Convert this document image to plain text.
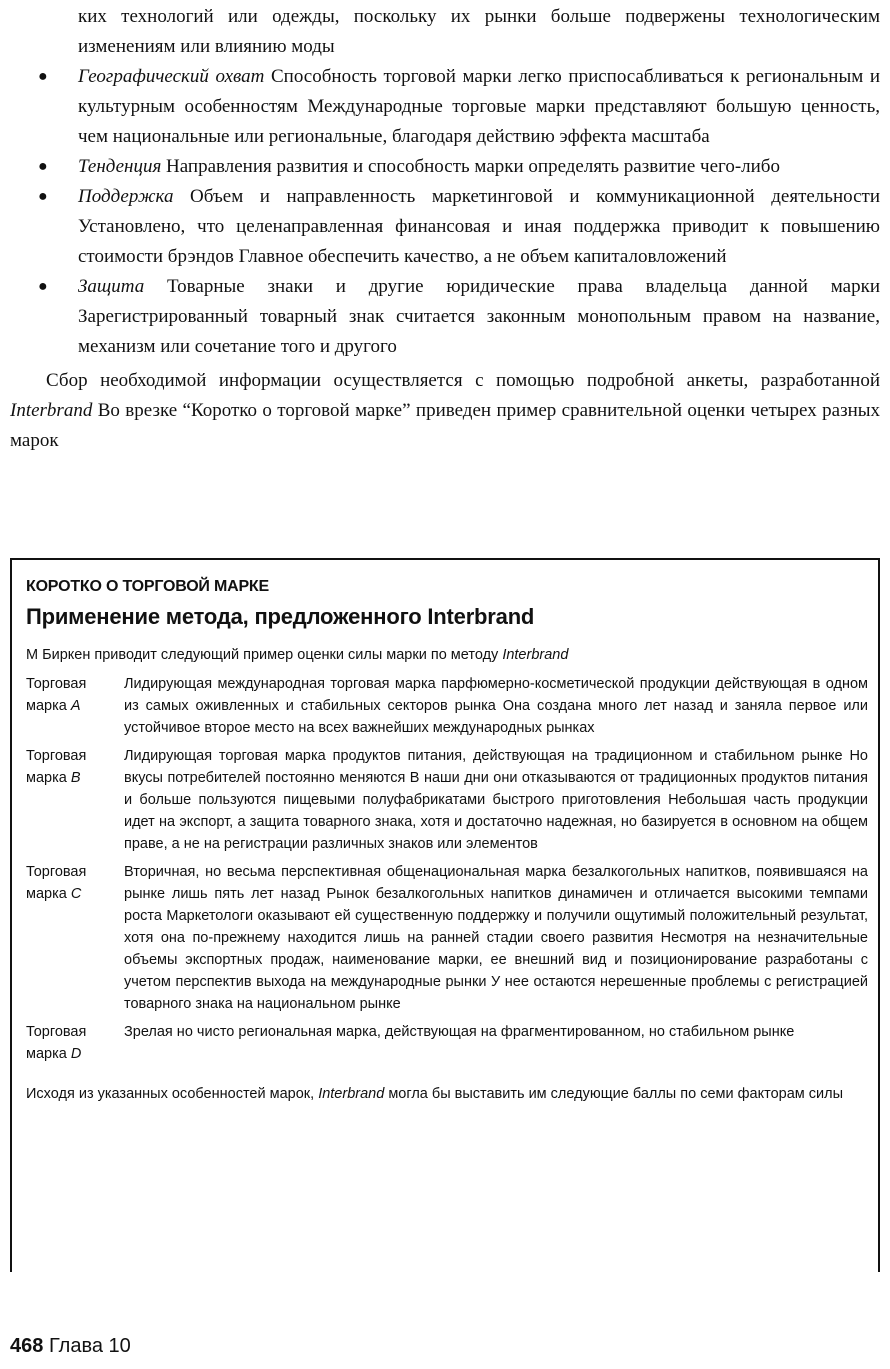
ких технологий или одежды, поскольку их рынки больше подвержены технологическим изменениям или влиянию моды

● Географический охват Способность торговой марки легко приспосабливаться к региональным и культурным особенностям Международные торговые марки представляют большую ценность, чем национальные или региональные, благодаря действию эффекта масштаба
● Тенденция Направления развития и способность марки определять развитие чего-либо
● Поддержка Объем и направленность маркетинговой и коммуникационной деятельности Установлено, что целенаправленная финансовая и иная поддержка приводит к повышению стоимости брэндов Главное обеспечить качество, а не объем капиталовложений
● Защита Товарные знаки и другие юридические права владельца данной марки Зарегистрированный товарный знак считается законным монопольным правом на название, механизм или сочетание того и другого

Сбор необходимой информации осуществляется с помощью подробной анкеты, разработанной Interbrand Во врезке “Коротко о торговой марке” приведен пример сравнительной оценки четырех разных марок

КОРОТКО О ТОРГОВОЙ МАРКЕ
Применение метода, предложенного Interbrand
М Биркен приводит следующий пример оценки силы марки по методу Interbrand
Торговая марка A
Лидирующая международная торговая марка парфюмерно-косметической продукции действующая в одном из самых оживленных и стабильных секторов рынка Она создана много лет назад и заняла первое или устойчивое второе место на всех важнейших международных рынках
Торговая марка B
Лидирующая торговая марка продуктов питания, действующая на традиционном и стабильном рынке Но вкусы потребителей постоянно меняются В наши дни они отказываются от традиционных продуктов питания и больше пользуются пищевыми полуфабрикатами быстрого приготовления Небольшая часть продукции идет на экспорт, а защита товарного знака, хотя и достаточно надежная, но базируется в основном на общем праве, а не на регистрации различных знаков или элементов
Торговая марка C
Вторичная, но весьма перспективная общенациональная марка безалкогольных напитков, появившаяся на рынке лишь пять лет назад Рынок безалкогольных напитков динамичен и отличается высокими темпами роста Маркетологи оказывают ей существенную поддержку и получили ощутимый положительный результат, хотя она по-прежнему находится лишь на ранней стадии своего развития Несмотря на незначительные объемы экспортных продаж, наименование марки, ее внешний вид и позиционирование разработаны с учетом перспектив выхода на международные рынки У нее остаются нерешенные проблемы с регистрацией товарного знака на национальном рынке
Торговая марка D
Зрелая но чисто региональная марка, действующая на фрагментированном, но стабильном рынке
Исходя из указанных особенностей марок, Interbrand могла бы выставить им следующие баллы по семи факторам силы
468 Глава 10
